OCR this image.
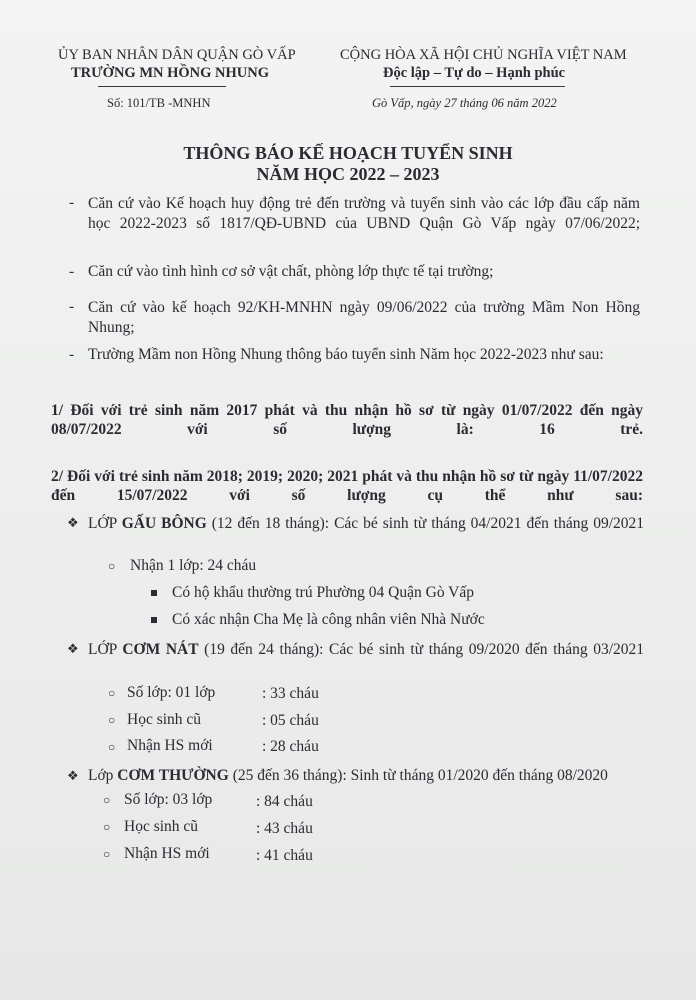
ỦY BAN NHÂN DÂN QUẬN GÒ VẤP
TRƯỜNG MN HỒNG NHUNG
Số: 101/TB -MNHN
CỘNG HÒA XÃ HỘI CHỦ NGHĨA VIỆT NAM
Độc lập – Tự do – Hạnh phúc
Gò Vấp, ngày 27 tháng 06 năm 2022
THÔNG BÁO KẾ HOẠCH TUYỂN SINH
NĂM HỌC 2022 – 2023
- Căn cứ vào Kế hoạch huy động trẻ đến trường và tuyển sinh vào các lớp đầu cấp năm học 2022-2023 số 1817/QĐ-UBND của UBND Quận Gò Vấp ngày 07/06/2022;
- Căn cứ vào tình hình cơ sở vật chất, phòng lớp thực tế tại trường;
- Căn cứ vào kế hoạch 92/KH-MNHN ngày 09/06/2022 của trường Mầm Non Hồng Nhung;
- Trường Mầm non Hồng Nhung thông báo tuyển sinh Năm học 2022-2023 như sau:
1/ Đối với trẻ sinh năm 2017 phát và thu nhận hồ sơ từ ngày 01/07/2022 đến ngày 08/07/2022 với số lượng là: 16 trẻ.
2/ Đối với trẻ sinh năm 2018; 2019; 2020; 2021 phát và thu nhận hồ sơ từ ngày 11/07/2022 đến 15/07/2022 với số lượng cụ thể như sau:
❖ LỚP GẤU BÔNG (12 đến 18 tháng): Các bé sinh từ tháng 04/2021 đến tháng 09/2021
○ Nhận 1 lớp: 24 cháu
Có hộ khẩu thường trú Phường 04 Quận Gò Vấp
Có xác nhận Cha Mẹ là công nhân viên Nhà Nước
❖ LỚP CƠM NÁT (19 đến 24 tháng): Các bé sinh từ tháng 09/2020 đến tháng 03/2021
○ Số lớp: 01 lớp	: 33 cháu
○ Học sinh cũ	: 05 cháu
○ Nhận HS mới	: 28 cháu
❖ Lớp CƠM THƯỜNG (25 đến 36 tháng): Sinh từ tháng 01/2020 đến tháng 08/2020
○ Số lớp: 03 lớp	: 84 cháu
○ Học sinh cũ	: 43 cháu
○ Nhận HS mới	: 41 cháu
